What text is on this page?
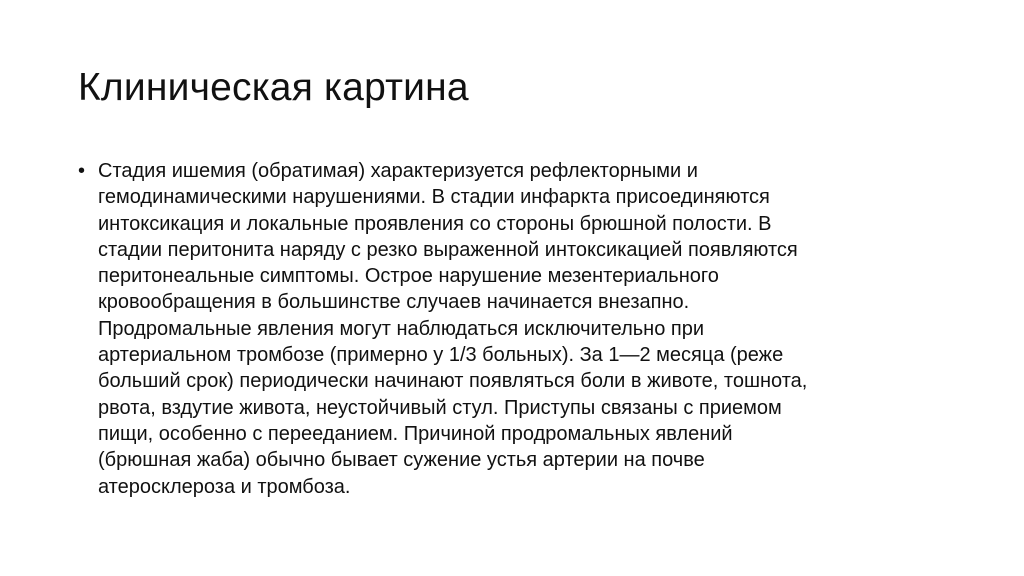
Клиническая картина
• Стадия ишемия (обратимая) характеризуется рефлекторными и
гемодинамическими нарушениями. В стадии инфаркта присоединяются
интоксикация и локальные проявления со стороны брюшной полости. В
стадии перитонита наряду с резко выраженной интоксикацией появляются
перитонеальные симптомы. Острое нарушение мезентериального
кровообращения в большинстве случаев начинается внезапно.
Продромальные явления могут наблюдаться исключительно при
артериальном тромбозе (примерно у 1/3 больных). За 1—2 месяца (реже
больший срок) периодически начинают появляться боли в животе, тошнота,
рвота, вздутие живота, неустойчивый стул. Приступы связаны с приемом
пищи, особенно с перееданием. Причиной продромальных явлений
(брюшная жаба) обычно бывает сужение устья артерии на почве
атеросклероза и тромбоза.
